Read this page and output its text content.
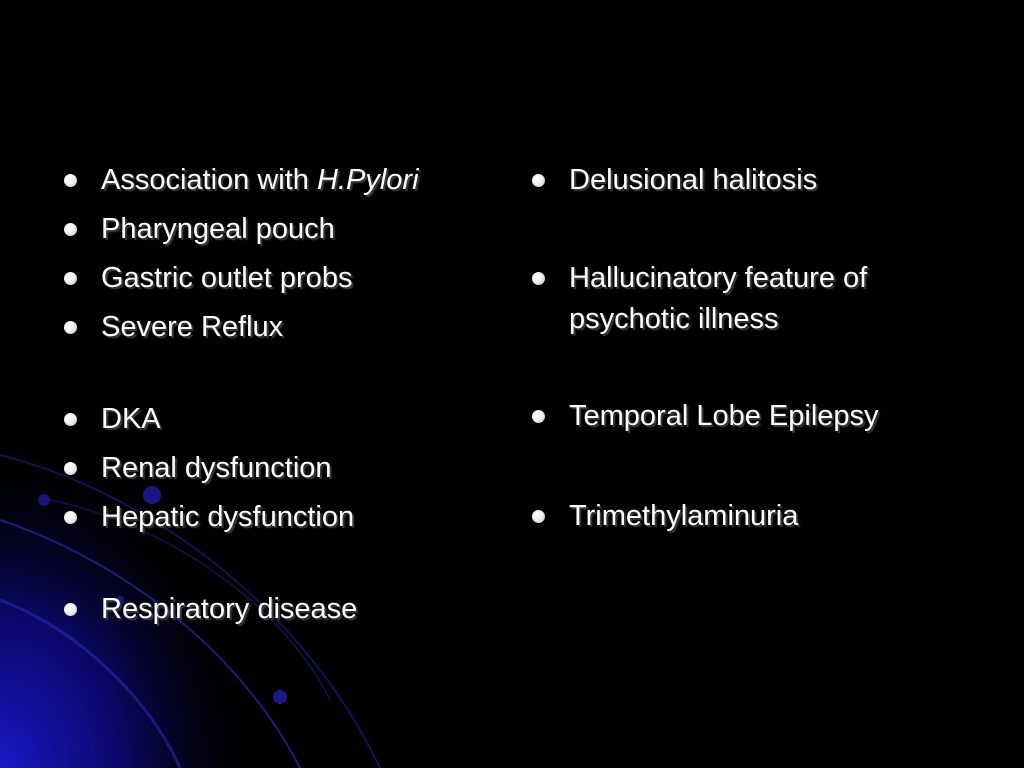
Association with H.Pylori
Pharyngeal pouch
Gastric outlet probs
Severe Reflux
DKA
Renal dysfunction
Hepatic dysfunction
Respiratory disease
Delusional halitosis
Hallucinatory feature of psychotic illness
Temporal Lobe Epilepsy
Trimethylaminuria
